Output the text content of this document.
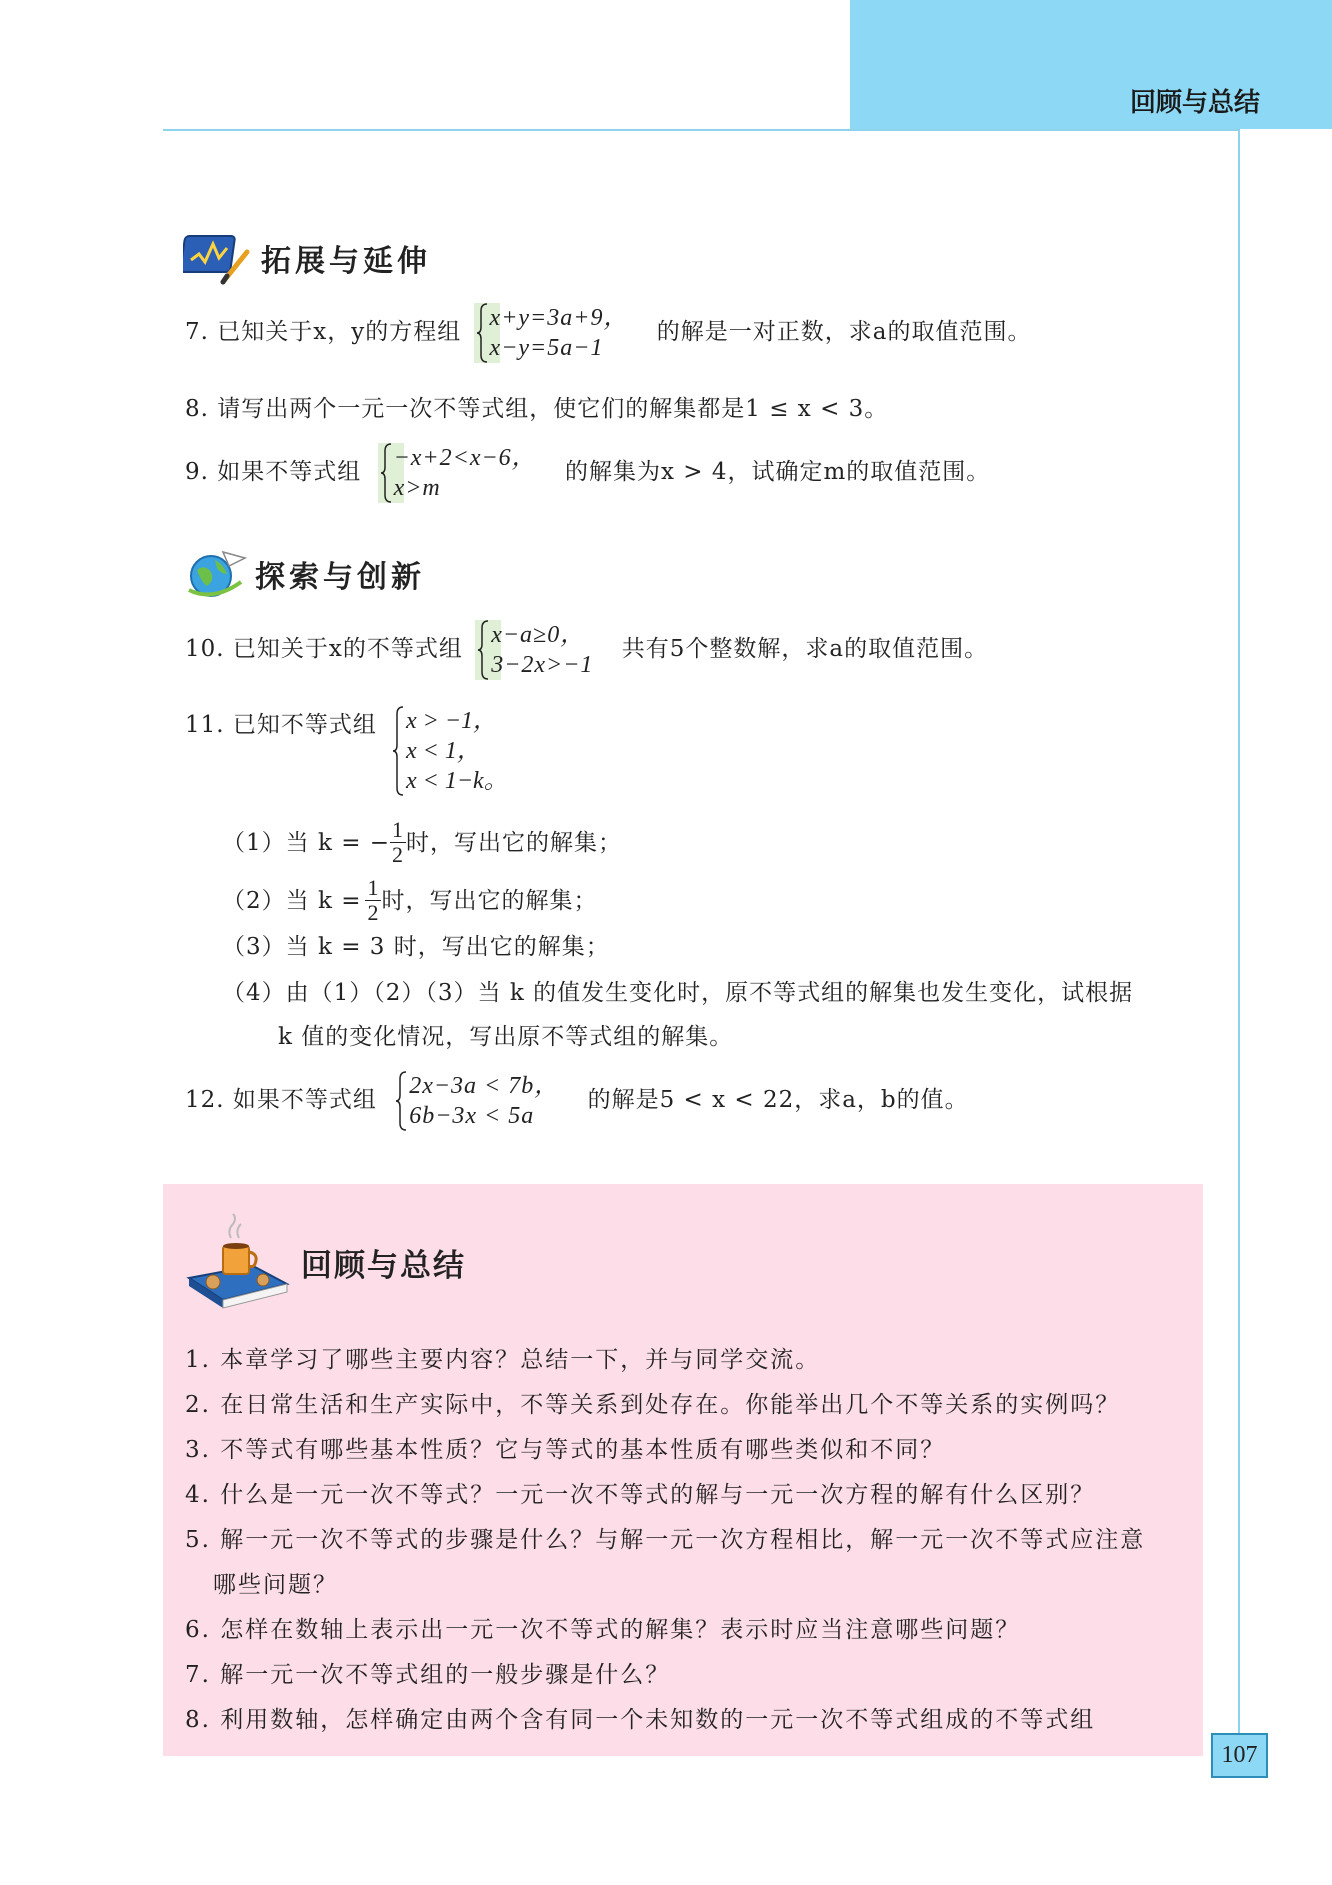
回顾与总结
拓展与延伸
7. 已知关于x，y的方程组
x+y=3a+9，
x−y=5a−1
的解是一对正数，求a的取值范围。
8. 请写出两个一元一次不等式组，使它们的解集都是1 ≤ x < 3。
9. 如果不等式组
−x+2<x−6，
x>m
的解集为x > 4，试确定m的取值范围。
探索与创新
10. 已知关于x的不等式组
x−a≥0，
3−2x>−1
共有5个整数解，求a的取值范围。
11. 已知不等式组 x > −1，
x < 1，
x < 1−k。
（1）当 k = − $\frac{1}{2}$ 时，写出它的解集；
（2）当 $k = \frac{1}{2}$ 时，写出它的解集；
（3）当 k = 3 时，写出它的解集；
（4）由（1）（2）（3）当 k 的值发生变化时，原不等式组的解集也发生变化，试根据
k 值的变化情况，写出原不等式组的解集。
12. 如果不等式组
2x−3a < 7b，
6b−3x < 5a
的解是5 < x < 22，求a，b的值。
回顾与总结
1. 本章学习了哪些主要内容？总结一下，并与同学交流。
2. 在日常生活和生产实际中，不等关系到处存在。你能举出几个不等关系的实例吗？
3. 不等式有哪些基本性质？它与等式的基本性质有哪些类似和不同？
4. 什么是一元一次不等式？一元一次不等式的解与一元一次方程的解有什么区别？
5. 解一元一次不等式的步骤是什么？与解一元一次方程相比，解一元一次不等式应注意
哪些问题？
6. 怎样在数轴上表示出一元一次不等式的解集？表示时应当注意哪些问题？
7. 解一元一次不等式组的一般步骤是什么？
8. 利用数轴，怎样确定由两个含有同一个未知数的一元一次不等式组成的不等式组
107
